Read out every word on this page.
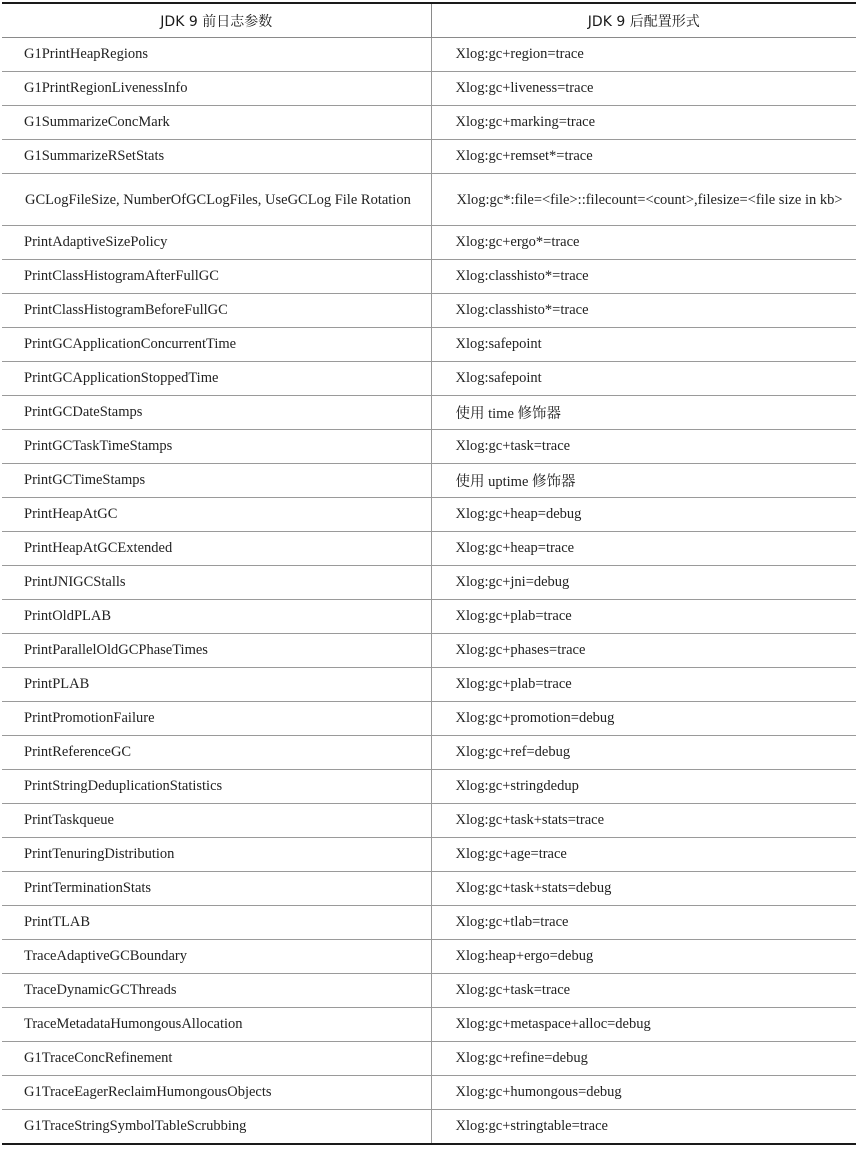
JDK 9 前日志参数	JDK 9 后配置形式
G1PrintHeapRegions	Xlog:gc+region=trace
G1PrintRegionLivenessInfo	Xlog:gc+liveness=trace
G1SummarizeConcMark	Xlog:gc+marking=trace
G1SummarizeRSetStats	Xlog:gc+remset*=trace
GCLogFileSize, NumberOfGCLogFiles, UseGCLog File Rotation	Xlog:gc*:file=<file>::filecount=<count>,filesize=<file size in kb>
PrintAdaptiveSizePolicy	Xlog:gc+ergo*=trace
PrintClassHistogramAfterFullGC	Xlog:classhisto*=trace
PrintClassHistogramBeforeFullGC	Xlog:classhisto*=trace
PrintGCApplicationConcurrentTime	Xlog:safepoint
PrintGCApplicationStoppedTime	Xlog:safepoint
PrintGCDateStamps	使用 time 修饰器
PrintGCTaskTimeStamps	Xlog:gc+task=trace
PrintGCTimeStamps	使用 uptime 修饰器
PrintHeapAtGC	Xlog:gc+heap=debug
PrintHeapAtGCExtended	Xlog:gc+heap=trace
PrintJNIGCStalls	Xlog:gc+jni=debug
PrintOldPLAB	Xlog:gc+plab=trace
PrintParallelOldGCPhaseTimes	Xlog:gc+phases=trace
PrintPLAB	Xlog:gc+plab=trace
PrintPromotionFailure	Xlog:gc+promotion=debug
PrintReferenceGC	Xlog:gc+ref=debug
PrintStringDeduplicationStatistics	Xlog:gc+stringdedup
PrintTaskqueue	Xlog:gc+task+stats=trace
PrintTenuringDistribution	Xlog:gc+age=trace
PrintTerminationStats	Xlog:gc+task+stats=debug
PrintTLAB	Xlog:gc+tlab=trace
TraceAdaptiveGCBoundary	Xlog:heap+ergo=debug
TraceDynamicGCThreads	Xlog:gc+task=trace
TraceMetadataHumongousAllocation	Xlog:gc+metaspace+alloc=debug
G1TraceConcRefinement	Xlog:gc+refine=debug
G1TraceEagerReclaimHumongousObjects	Xlog:gc+humongous=debug
G1TraceStringSymbolTableScrubbing	Xlog:gc+stringtable=trace
